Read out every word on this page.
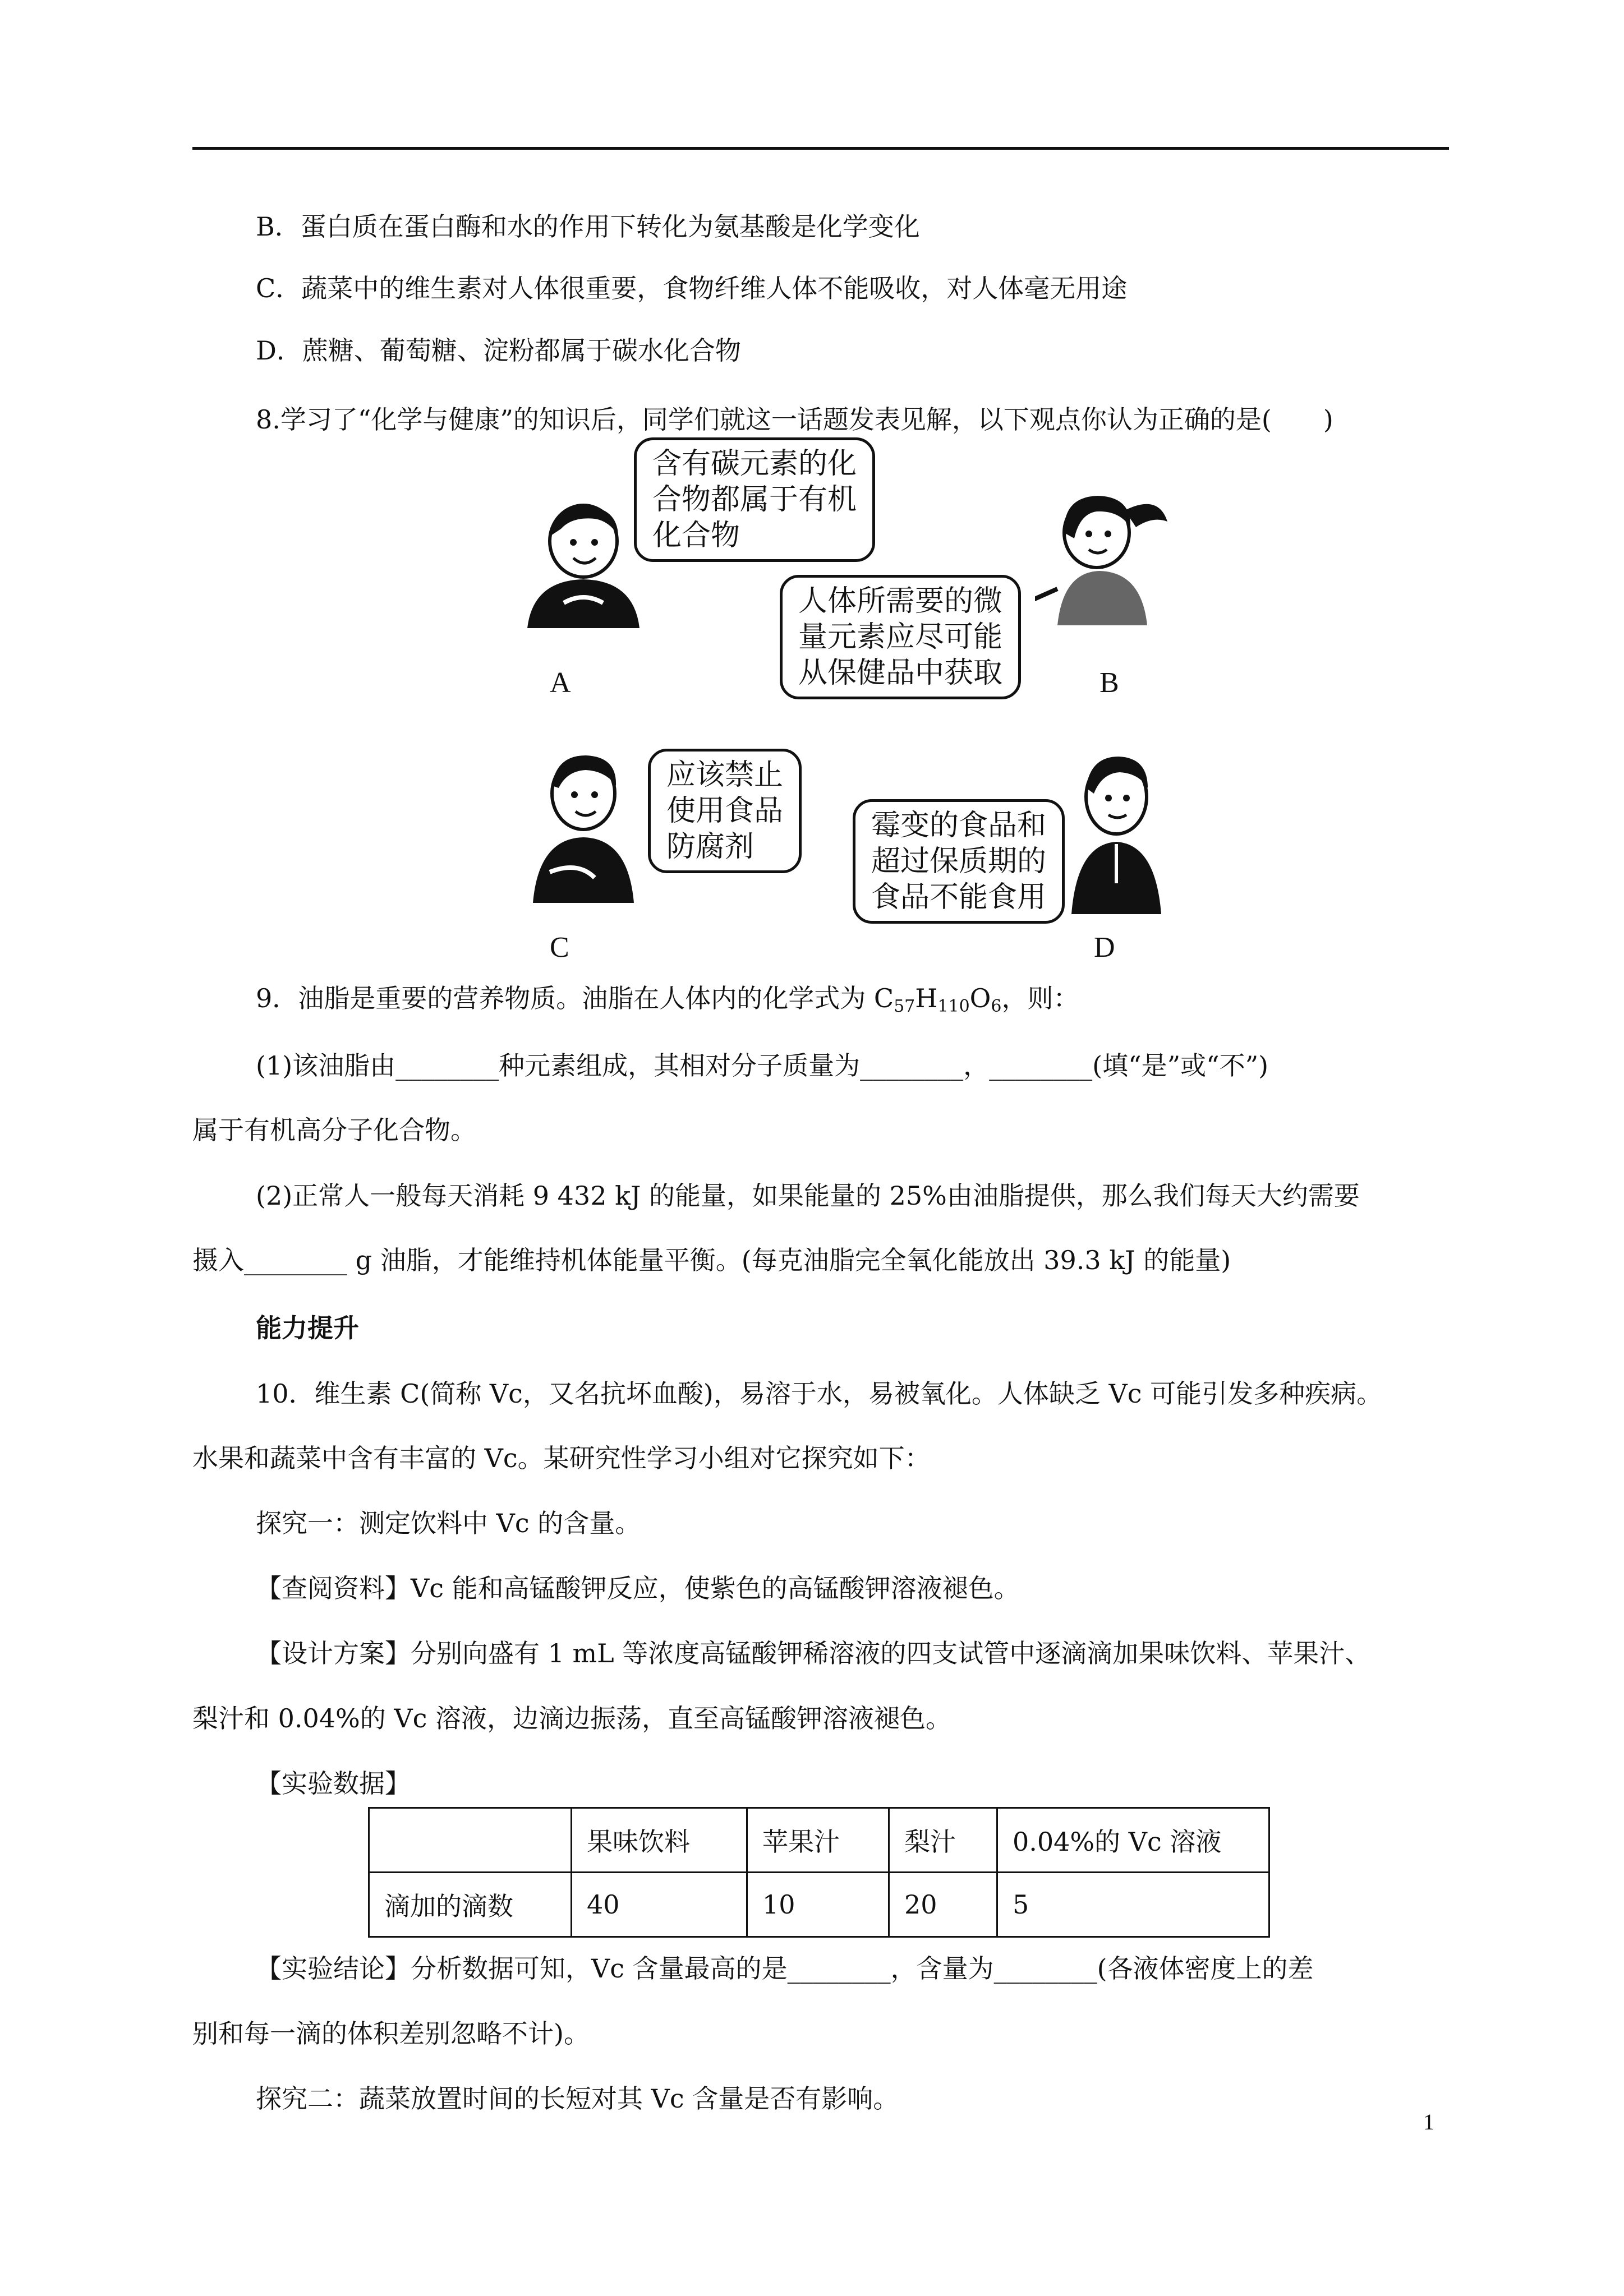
B．蛋白质在蛋白酶和水的作用下转化为氨基酸是化学变化
C．蔬菜中的维生素对人体很重要，食物纤维人体不能吸收，对人体毫无用途
D．蔗糖、葡萄糖、淀粉都属于碳水化合物
8.学习了“化学与健康”的知识后，同学们就这一话题发表见解，以下观点你认为正确的是(　　)
含有碳元素的化
合物都属于有机
化合物
A
人体所需要的微
量元素应尽可能
从保健品中获取	B
应该禁止
使用食品
防腐剂
C
霉变的食品和
超过保质期的
食品不能食用
D
9．油脂是重要的营养物质。油脂在人体内的化学式为 $C_{57}H_{110}O_6$，则：
(1)该油脂由________种元素组成，其相对分子质量为________，________(填“是”或“不”)
属于有机高分子化合物。
(2)正常人一般每天消耗 9 432 kJ 的能量，如果能量的 25%由油脂提供，那么我们每天大约需要
摄入________ g 油脂，才能维持机体能量平衡。(每克油脂完全氧化能放出 39.3 kJ 的能量)
能力提升
10．维生素 C(简称 Vc，又名抗坏血酸)，易溶于水，易被氧化。人体缺乏 Vc 可能引发多种疾病。
水果和蔬菜中含有丰富的 Vc。某研究性学习小组对它探究如下：
探究一：测定饮料中 Vc 的含量。
【查阅资料】Vc 能和高锰酸钾反应，使紫色的高锰酸钾溶液褪色。
【设计方案】分别向盛有 1 mL 等浓度高锰酸钾稀溶液的四支试管中逐滴滴加果味饮料、苹果汁、
梨汁和 0.04%的 Vc 溶液，边滴边振荡，直至高锰酸钾溶液褪色。
【实验数据】
	果味饮料	苹果汁	梨汁	0.04%的 Vc 溶液
滴加的滴数	40	10	20	5
【实验结论】分析数据可知，Vc 含量最高的是________，含量为________(各液体密度上的差
别和每一滴的体积差别忽略不计)。
探究二：蔬菜放置时间的长短对其 Vc 含量是否有影响。
1
